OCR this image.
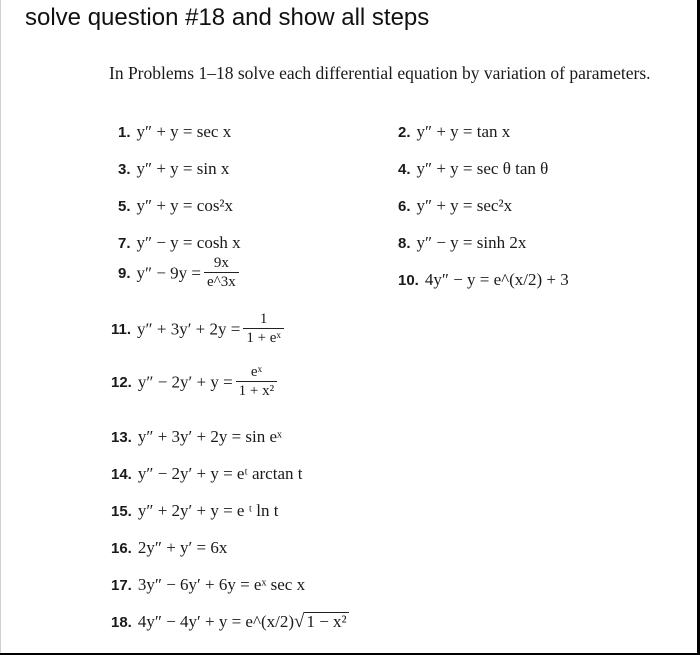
solve question #18 and show all steps
In Problems 1–18 solve each differential equation by variation of parameters.
1. y″ + y = sec x	2. y″ + y = tan x
3. y″ + y = sin x	4. y″ + y = sec θ tan θ
5. y″ + y = cos²x	6. y″ + y = sec²x
7. y″ − y = cosh x	8. y″ − y = sinh 2x
9. $y'' - 9y = \frac{9x}{e\^{}3x}$	10. 4y″ − y = e^(x/2) + 3
11. $y'' + 3y' + 2y = \frac{1}{\text{1 + eˣ}}$
12. $y'' - 2y' + y = \frac{\text{eˣ}}{\text{1 + x²}}$
13. y″ + 3y′ + 2y = sin eˣ
14. y″ − 2y′ + y = eᵗ arctan t
15. y″ + 2y′ + y = e ᵗ ln t
16. 2y″ + y′ = 6x
17. 3y″ − 6y′ + 6y = eˣ sec x
18. 4y″ − 4y′ + y = e^(x/2)√ 1 − x²
